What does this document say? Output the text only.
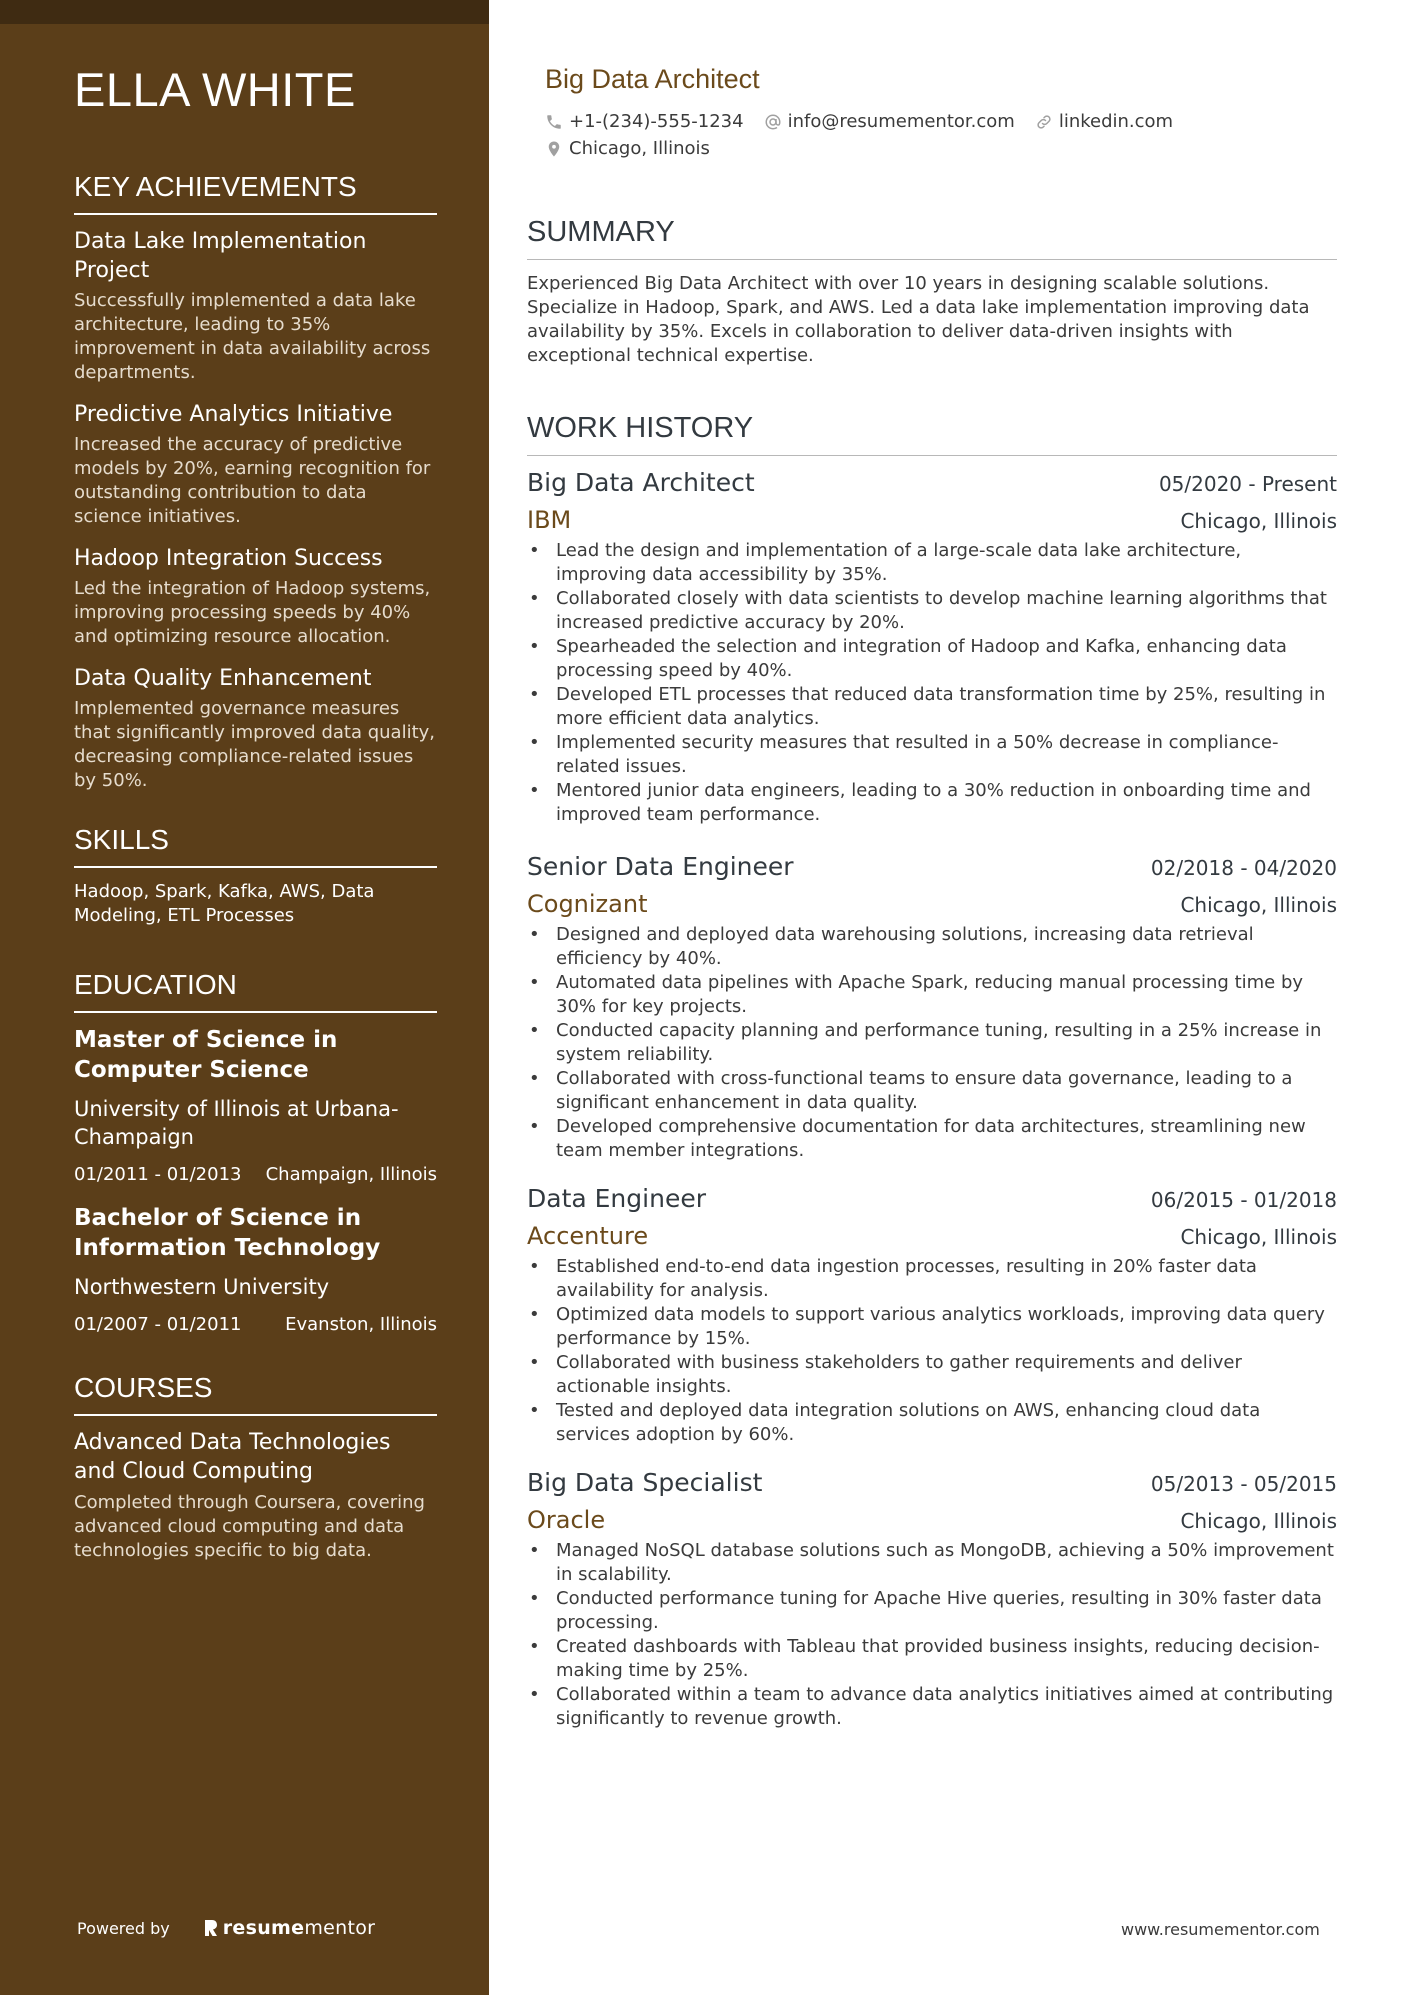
ELLA WHITE
KEY ACHIEVEMENTS
Data Lake Implementation Project
Successfully implemented a data lake architecture, leading to 35% improvement in data availability across departments.
Predictive Analytics Initiative
Increased the accuracy of predictive models by 20%, earning recognition for outstanding contribution to data science initiatives.
Hadoop Integration Success
Led the integration of Hadoop systems, improving processing speeds by 40% and optimizing resource allocation.
Data Quality Enhancement
Implemented governance measures that significantly improved data quality, decreasing compliance-related issues by 50%.
SKILLS
Hadoop, Spark, Kafka, AWS, Data Modeling, ETL Processes
EDUCATION
Master of Science in Computer Science
University of Illinois at Urbana-Champaign
01/2011 - 01/2013 Champaign, Illinois
Bachelor of Science in Information Technology
Northwestern University
01/2007 - 01/2011 Evanston, Illinois
COURSES
Advanced Data Technologies and Cloud Computing
Completed through Coursera, covering advanced cloud computing and data technologies specific to big data.
Powered by	resume mentor
Big Data Architect
+1-(234)-555-1234 info@resumementor.com linkedin.com
Chicago, Illinois
SUMMARY
Experienced Big Data Architect with over 10 years in designing scalable solutions. Specialize in Hadoop, Spark, and AWS. Led a data lake implementation improving data availability by 35%. Excels in collaboration to deliver data-driven insights with exceptional technical expertise.
WORK HISTORY
Big Data Architect	05/2020 - Present
IBM	Chicago, Illinois
• Lead the design and implementation of a large-scale data lake architecture, improving data accessibility by 35%.
• Collaborated closely with data scientists to develop machine learning algorithms that increased predictive accuracy by 20%.
• Spearheaded the selection and integration of Hadoop and Kafka, enhancing data processing speed by 40%.
• Developed ETL processes that reduced data transformation time by 25%, resulting in more efficient data analytics.
• Implemented security measures that resulted in a 50% decrease in compliance-related issues.
• Mentored junior data engineers, leading to a 30% reduction in onboarding time and improved team performance.
Senior Data Engineer	02/2018 - 04/2020
Cognizant	Chicago, Illinois
• Designed and deployed data warehousing solutions, increasing data retrieval efficiency by 40%.
• Automated data pipelines with Apache Spark, reducing manual processing time by 30% for key projects.
• Conducted capacity planning and performance tuning, resulting in a 25% increase in system reliability.
• Collaborated with cross-functional teams to ensure data governance, leading to a significant enhancement in data quality.
• Developed comprehensive documentation for data architectures, streamlining new team member integrations.
Data Engineer	06/2015 - 01/2018
Accenture	Chicago, Illinois
• Established end-to-end data ingestion processes, resulting in 20% faster data availability for analysis.
• Optimized data models to support various analytics workloads, improving data query performance by 15%.
• Collaborated with business stakeholders to gather requirements and deliver actionable insights.
• Tested and deployed data integration solutions on AWS, enhancing cloud data services adoption by 60%.
Big Data Specialist	05/2013 - 05/2015
Oracle	Chicago, Illinois
• Managed NoSQL database solutions such as MongoDB, achieving a 50% improvement in scalability.
• Conducted performance tuning for Apache Hive queries, resulting in 30% faster data processing.
• Created dashboards with Tableau that provided business insights, reducing decision-making time by 25%.
• Collaborated within a team to advance data analytics initiatives aimed at contributing significantly to revenue growth.
www.resumementor.com
